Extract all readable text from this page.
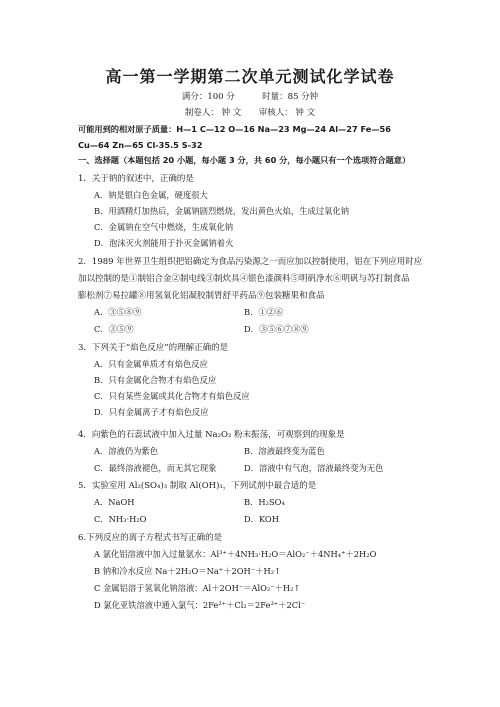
高一第一学期第二次单元测试化学试卷
满分：100 分	时量：85 分钟
制卷人： 钟 文 审核人： 钟 文
可能用到的相对原子质量：H—1 C—12 O—16 Na—23 Mg—24 Al—27 Fe—56
Cu—64 Zn—65 Cl-35.5 S-32
一、选择题（本题包括 20 小题，每小题 3 分，共 60 分，每小题只有一个选项符合题意）
1．关于钠的叙述中，正确的是
A．钠是银白色金属，硬度很大
B．用酒精灯加热后，金属钠剧烈燃烧，发出黄色火焰，生成过氧化钠
C．金属钠在空气中燃烧，生成氧化钠
D．泡沫灭火剂能用于扑灭金属钠着火
2．1989 年世界卫生组织把铝确定为食品污染源之一而应加以控制使用，铝在下列应用时应
加以控制的是①制铝合金②制电线③制炊具④银色漆颜料⑤明矾净水⑥明矾与苏打制食品
膨松剂⑦易拉罐⑧用氢氧化铝凝胶制胃舒平药品⑨包装糖果和食品
A．③⑤⑧⑨	B．①②⑥
C．③⑤⑨	D．③⑤⑥⑦⑧⑨
3．下列关于“焰色反应”的理解正确的是
A．只有金属单质才有焰色反应
B．只有金属化合物才有焰色反应
C．只有某些金属或其化合物才有焰色反应
D．只有金属离子才有焰色反应
4．向紫色的石蕊试液中加入过量 Na₂O₂ 粉末振荡，可观察到的现象是
A．溶液仍为紫色	B．溶液最终变为蓝色
C．最终溶液褪色，而无其它现象	D．溶液中有气泡，溶液最终变为无色
5．实验室用 Al₂(SO₄)₃ 制取 Al(OH)₃，下列试剂中最合适的是
A．NaOH	B．H₂SO₄
C．NH₃·H₂O	D．KOH
6.下列反应的离子方程式书写正确的是
A 氯化铝溶液中加入过量氨水：Al³⁺＋4NH₃·H₂O＝AlO₂⁻＋4NH₄⁺＋2H₂O
B 钠和冷水反应 Na＋2H₂O＝Na⁺＋2OH⁻＋H₂↑
C 金属铝溶于氢氧化钠溶液：Al＋2OH⁻＝AlO₂⁻＋H₂↑
D 氯化亚铁溶液中通入氯气：2Fe²⁺＋Cl₂＝2Fe³⁺＋2Cl⁻
